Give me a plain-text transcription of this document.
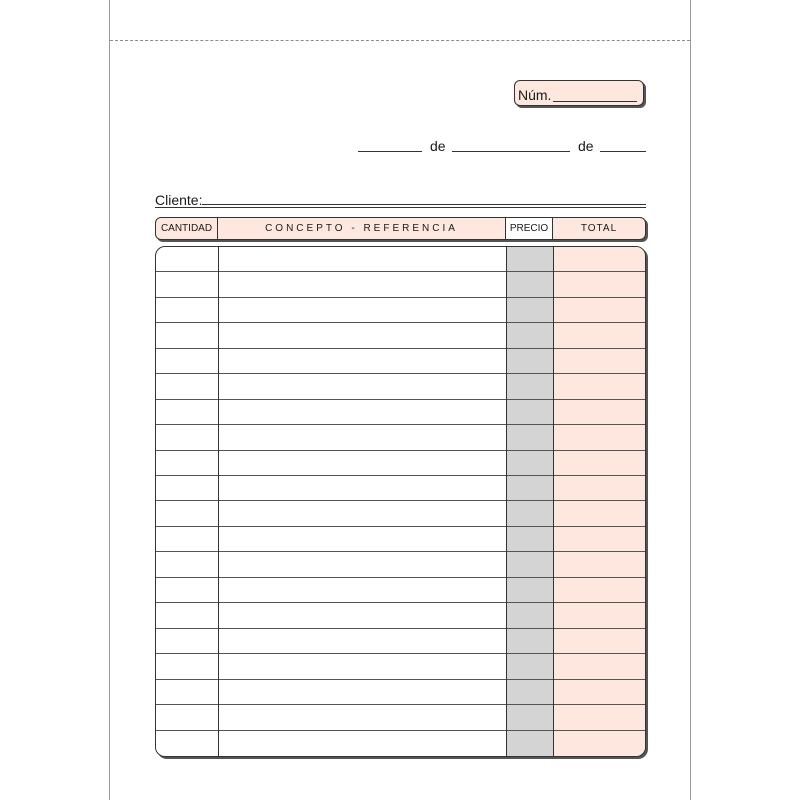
Núm.
de	de
Cliente:
CANTIDAD	CONCEPTO - REFERENCIA	PRECIO	TOTAL
